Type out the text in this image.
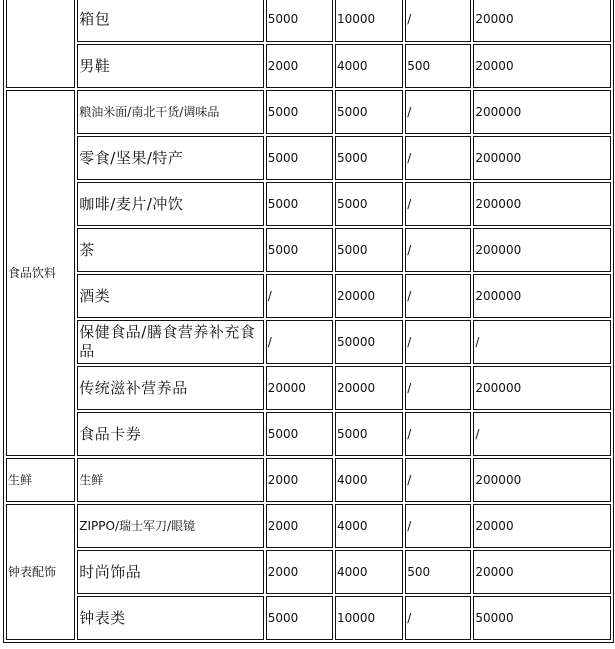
	箱包	5000	10000	/	20000
	男鞋	2000	4000	500	20000
食品饮料	粮油米面/南北干货/调味品	5000	5000	/	200000
	零食/坚果/特产	5000	5000	/	200000
	咖啡/麦片/冲饮	5000	5000	/	200000
	茶	5000	5000	/	200000
	酒类	/	20000	/	200000
	保健食品/膳食营养补充食品	/	50000	/	/
	传统滋补营养品	20000	20000	/	200000
	食品卡券	5000	5000	/	/
生鲜	生鲜	2000	4000	/	200000
钟表配饰	ZIPPO/瑞士军刀/眼镜	2000	4000	/	20000
	时尚饰品	2000	4000	500	20000
	钟表类	5000	10000	/	50000
